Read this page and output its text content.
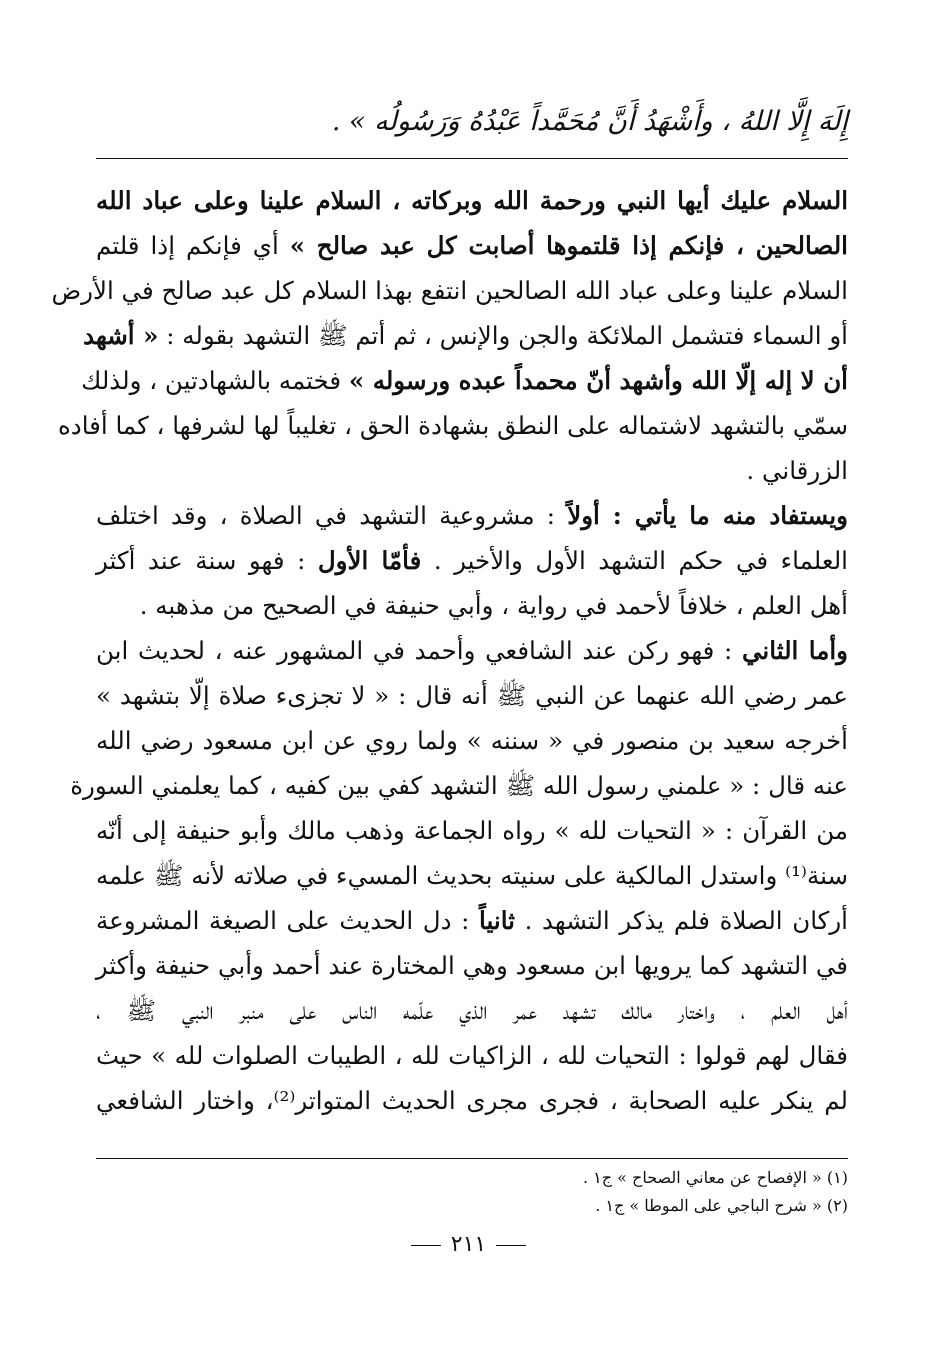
إِلَهَ إِلَّا اللهُ ، وأَشْهَدُ أَنَّ مُحَمَّداً عَبْدُهُ وَرَسُولُه » .
السلام عليك أيها النبي ورحمة الله وبركاته ، السلام علينا وعلى عباد الله
الصالحين ، فإنكم إذا قلتموها أصابت كل عبد صالح » أي فإنكم إذا قلتم
السلام علينا وعلى عباد الله الصالحين انتفع بهذا السلام كل عبد صالح في الأرض
أو السماء فتشمل الملائكة والجن والإنس ، ثم أتم ﷺ التشهد بقوله : « أشهد
أن لا إله إلّا الله وأشهد أنّ محمداً عبده ورسوله » فختمه بالشهادتين ، ولذلك
سمّي بالتشهد لاشتماله على النطق بشهادة الحق ، تغليباً لها لشرفها ، كما أفاده
الزرقاني .
ويستفاد منه ما يأتي : أولاً : مشروعية التشهد في الصلاة ، وقد اختلف
العلماء في حكم التشهد الأول والأخير . فأمّا الأول : فهو سنة عند أكثر
أهل العلم ، خلافاً لأحمد في رواية ، وأبي حنيفة في الصحيح من مذهبه .
وأما الثاني : فهو ركن عند الشافعي وأحمد في المشهور عنه ، لحديث ابن
عمر رضي الله عنهما عن النبي ﷺ أنه قال : « لا تجزىء صلاة إلّا بتشهد »
أخرجه سعيد بن منصور في « سننه » ولما روي عن ابن مسعود رضي الله
عنه قال : « علمني رسول الله ﷺ التشهد كفي بين كفيه ، كما يعلمني السورة
من القرآن : « التحيات لله » رواه الجماعة وذهب مالك وأبو حنيفة إلى أنّه
سنة⁽¹⁾ واستدل المالكية على سنيته بحديث المسيء في صلاته لأنه ﷺ علمه
أركان الصلاة فلم يذكر التشهد . ثانياً : دل الحديث على الصيغة المشروعة
في التشهد كما يرويها ابن مسعود وهي المختارة عند أحمد وأبي حنيفة وأكثر
أهل العلم ، واختار مالك تشهد عمر الذي علّمه الناس على منبر النبي ﷺ ،
فقال لهم قولوا : التحيات لله ، الزاكيات لله ، الطيبات الصلوات لله » حيث
لم ينكر عليه الصحابة ، فجرى مجرى الحديث المتواتر⁽²⁾، واختار الشافعي
(١) « الإفصاح عن معاني الصحاح » ج١ .
(٢) « شرح الباجي على الموطا » ج١ .
٢١١
